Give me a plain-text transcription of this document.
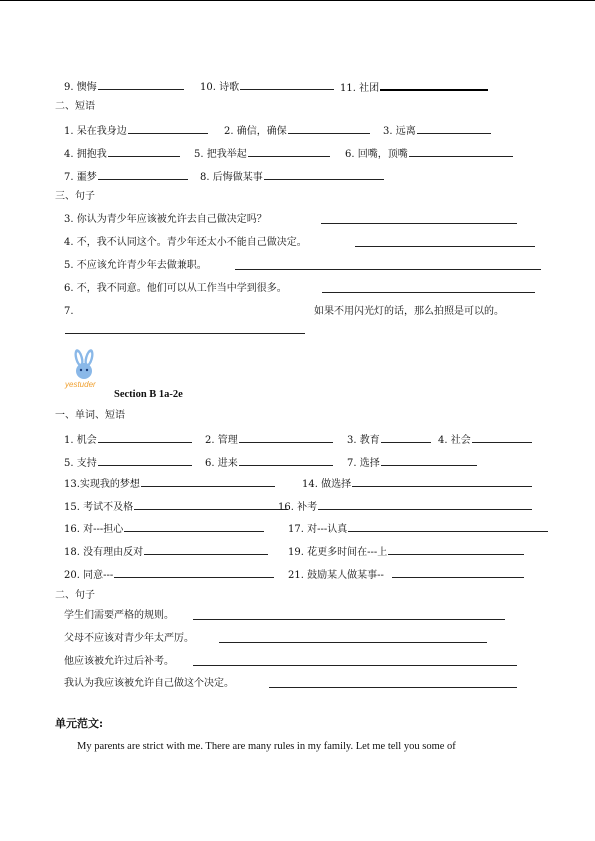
9. 懊悔	10. 诗歌	11. 社团
二、短语
1. 呆在我身边	2. 确信，确保	3. 远离
4. 拥抱我	5. 把我举起	6. 回嘴，顶嘴
7. 噩梦	8. 后悔做某事
三、句子
3. 你认为青少年应该被允许去自己做决定吗？
4. 不，我不认同这个。青少年还太小不能自己做决定。
5. 不应该允许青少年去做兼职。
6. 不，我不同意。他们可以从工作当中学到很多。
7.	如果不用闪光灯的话，那么拍照是可以的。
yestuder
Section B 1a-2e
一、单词、短语
1. 机会	2. 管理	3. 教育	4. 社会
5. 支持	6. 进来	7. 选择
13.实现我的梦想	14. 做选择
15. 考试不及格	16. 补考
16. 对---担心	17. 对---认真
18. 没有理由反对	19. 花更多时间在---上
20. 同意---	21. 鼓励某人做某事--
二、句子
学生们需要严格的规则。
父母不应该对青少年太严厉。
他应该被允许过后补考。
我认为我应该被允许自己做这个决定。
单元范文:
My parents are strict with me. There are many rules in my family. Let me tell you some of
